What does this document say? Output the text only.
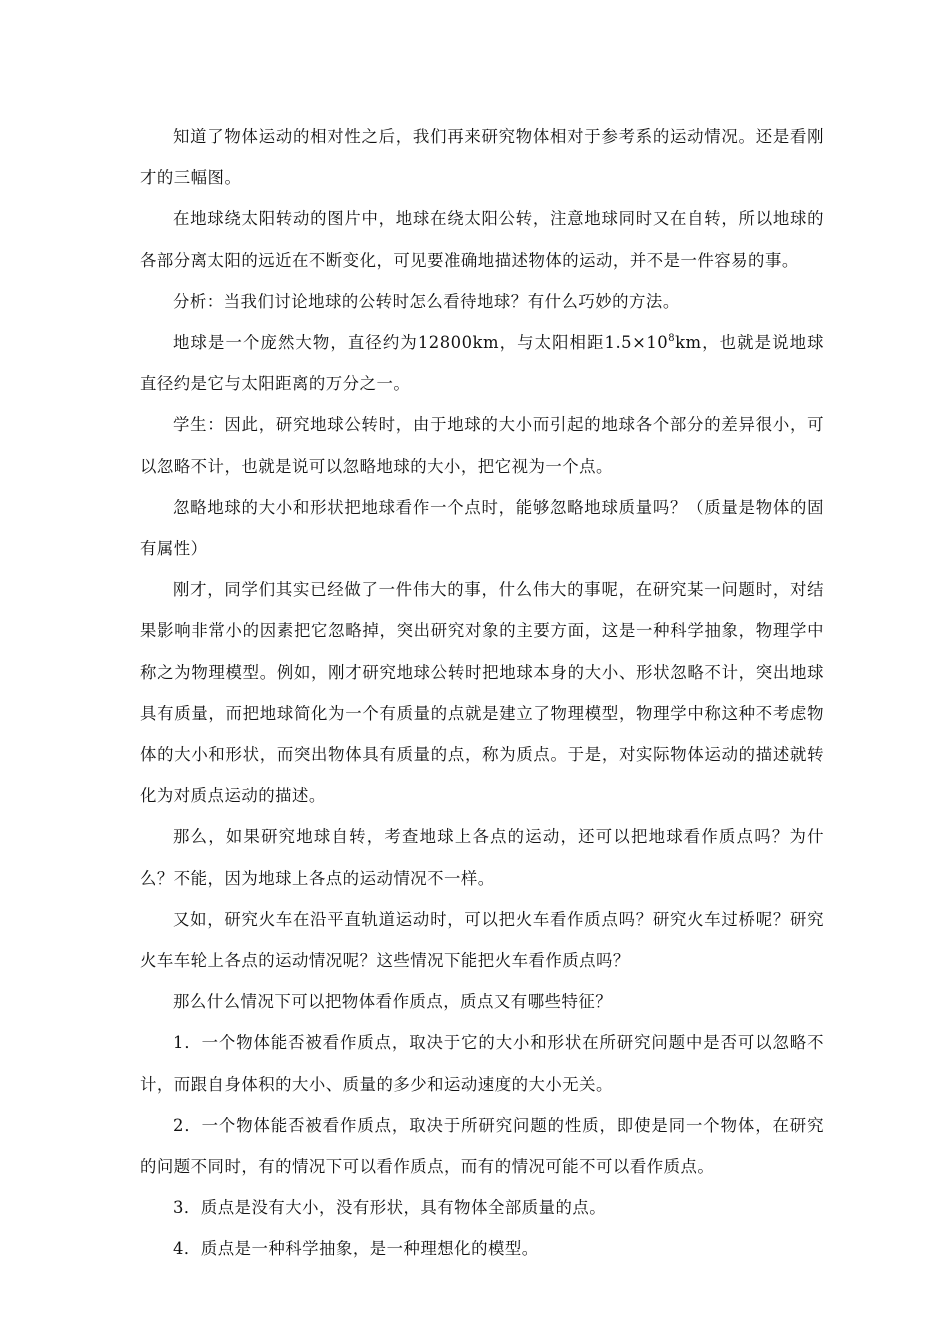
知道了物体运动的相对性之后，我们再来研究物体相对于参考系的运动情况。还是看刚才的三幅图。

在地球绕太阳转动的图片中，地球在绕太阳公转，注意地球同时又在自转，所以地球的各部分离太阳的远近在不断变化，可见要准确地描述物体的运动，并不是一件容易的事。

分析：当我们讨论地球的公转时怎么看待地球？有什么巧妙的方法。

地球是一个庞然大物，直径约为12800km，与太阳相距$1.5\times 10^8km$，也就是说地球直径约是它与太阳距离的万分之一。

学生：因此，研究地球公转时，由于地球的大小而引起的地球各个部分的差异很小，可以忽略不计，也就是说可以忽略地球的大小，把它视为一个点。

忽略地球的大小和形状把地球看作一个点时，能够忽略地球质量吗？（质量是物体的固有属性）

刚才，同学们其实已经做了一件伟大的事，什么伟大的事呢，在研究某一问题时，对结果影响非常小的因素把它忽略掉，突出研究对象的主要方面，这是一种科学抽象，物理学中称之为物理模型。例如，刚才研究地球公转时把地球本身的大小、形状忽略不计，突出地球具有质量，而把地球简化为一个有质量的点就是建立了物理模型，物理学中称这种不考虑物体的大小和形状，而突出物体具有质量的点，称为质点。于是，对实际物体运动的描述就转化为对质点运动的描述。

那么，如果研究地球自转，考查地球上各点的运动，还可以把地球看作质点吗？为什么？不能，因为地球上各点的运动情况不一样。

又如，研究火车在沿平直轨道运动时，可以把火车看作质点吗？研究火车过桥呢？研究火车车轮上各点的运动情况呢？这些情况下能把火车看作质点吗？

那么什么情况下可以把物体看作质点，质点又有哪些特征？

1．一个物体能否被看作质点，取决于它的大小和形状在所研究问题中是否可以忽略不计，而跟自身体积的大小、质量的多少和运动速度的大小无关。

2．一个物体能否被看作质点，取决于所研究问题的性质，即使是同一个物体，在研究的问题不同时，有的情况下可以看作质点，而有的情况可能不可以看作质点。

3．质点是没有大小，没有形状，具有物体全部质量的点。

4．质点是一种科学抽象，是一种理想化的模型。
